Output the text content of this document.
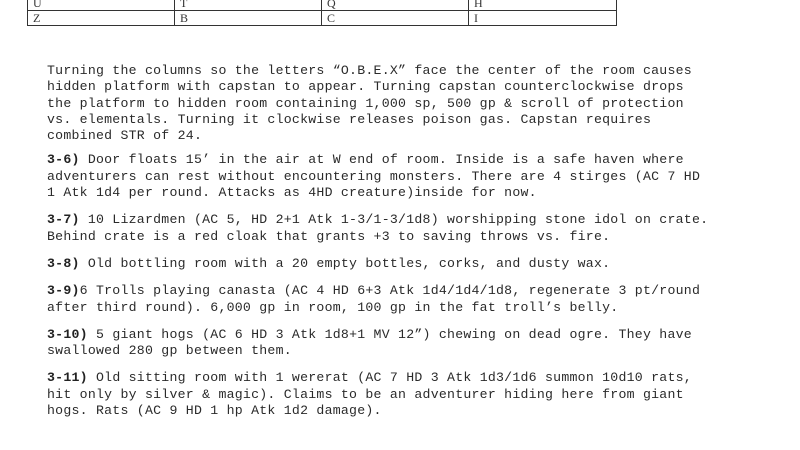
U	T	Q	H
Z	B	C	I

Turning the columns so the letters “O.B.E.X” face the center of the room causes
hidden platform with capstan to appear. Turning capstan counterclockwise drops
the platform to hidden room containing 1,000 sp, 500 gp & scroll of protection
vs. elementals. Turning it clockwise releases poison gas. Capstan requires
combined STR of 24.

3-6) Door floats 15’ in the air at W end of room. Inside is a safe haven where
adventurers can rest without encountering monsters. There are 4 stirges (AC 7 HD
1 Atk 1d4 per round. Attacks as 4HD creature)inside for now.

3-7) 10 Lizardmen (AC 5, HD 2+1 Atk 1-3/1-3/1d8) worshipping stone idol on crate.
Behind crate is a red cloak that grants +3 to saving throws vs. fire.

3-8) Old bottling room with a 20 empty bottles, corks, and dusty wax.

3-9)6 Trolls playing canasta (AC 4 HD 6+3 Atk 1d4/1d4/1d8, regenerate 3 pt/round
after third round). 6,000 gp in room, 100 gp in the fat troll’s belly.

3-10) 5 giant hogs (AC 6 HD 3 Atk 1d8+1 MV 12”) chewing on dead ogre. They have
swallowed 280 gp between them.

3-11) Old sitting room with 1 wererat (AC 7 HD 3 Atk 1d3/1d6 summon 10d10 rats,
hit only by silver & magic). Claims to be an adventurer hiding here from giant
hogs. Rats (AC 9 HD 1 hp Atk 1d2 damage).
